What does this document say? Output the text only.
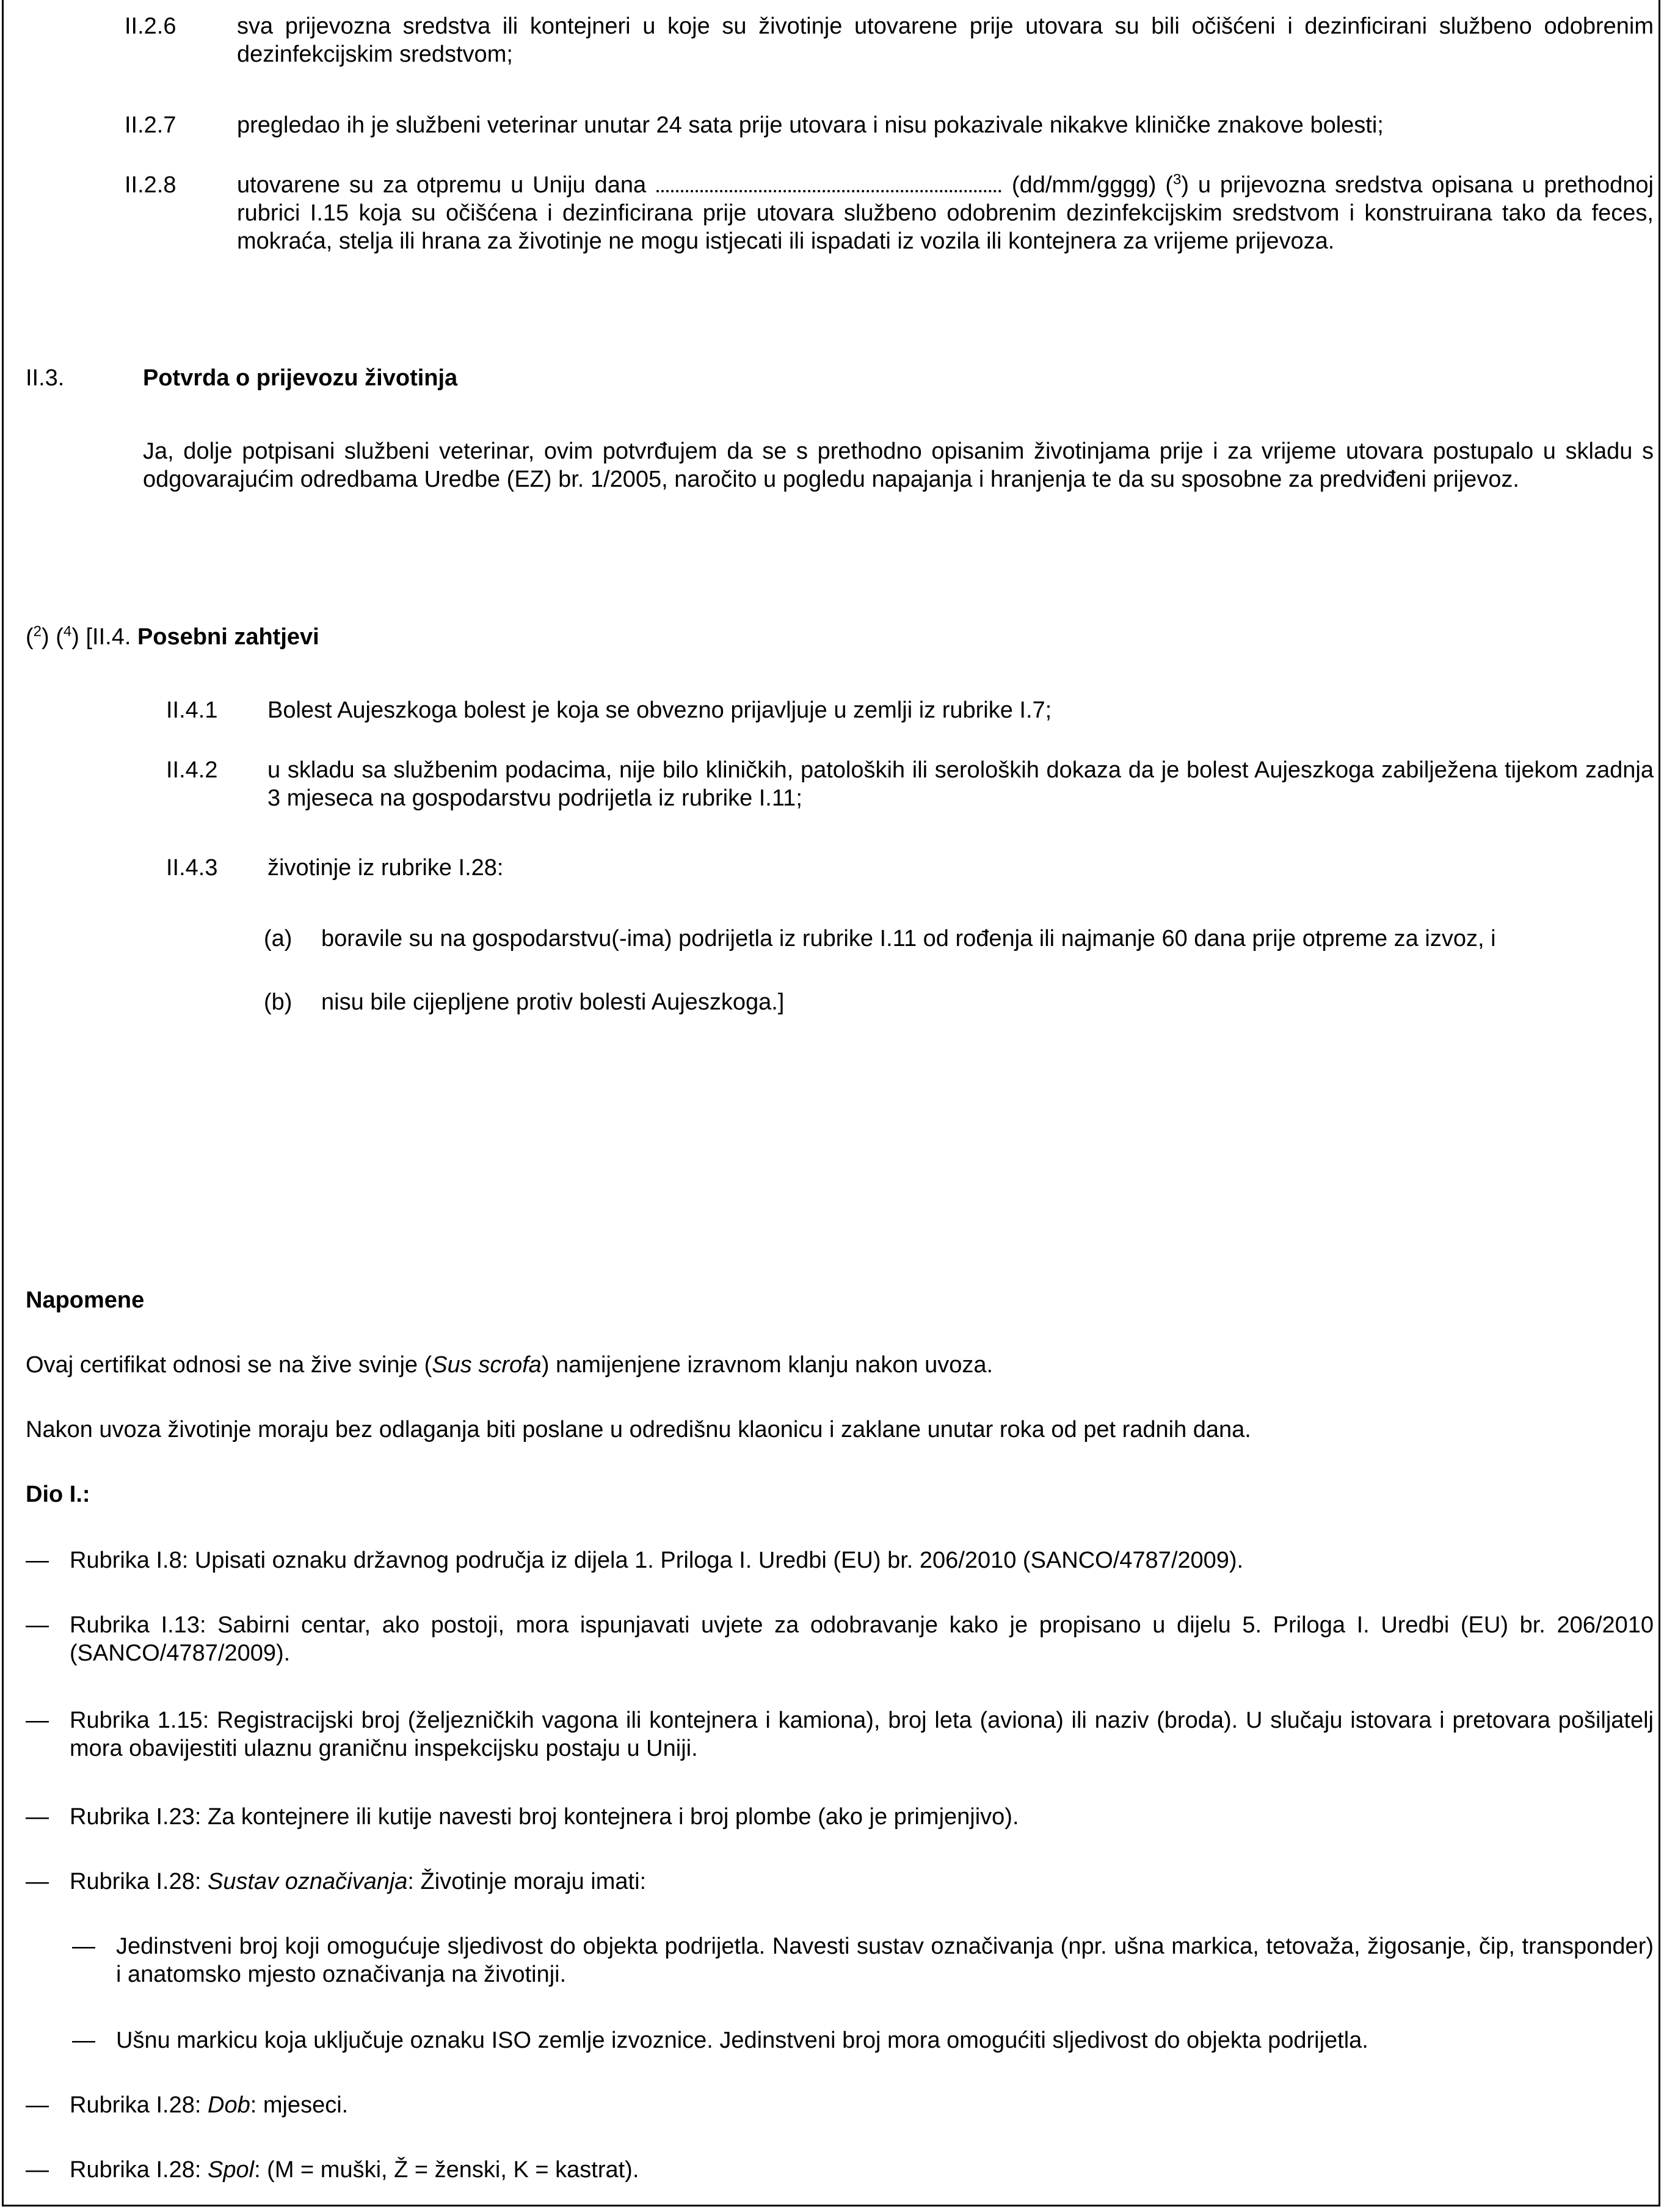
II.2.6	sva prijevozna sredstva ili kontejneri u koje su životinje utovarene prije utovara su bili očišćeni i dezinficirani službeno odobrenim dezinfekcijskim sredstvom;
II.2.7	pregledao ih je službeni veterinar unutar 24 sata prije utovara i nisu pokazivale nikakve kliničke znakove bolesti;
II.2.8	utovarene su za otpremu u Uniju dana	(dd/mm/gggg) ($^3$) u prijevozna sredstva opisana u prethodnoj rubrici I.15 koja su očišćena i dezinficirana prije utovara službeno odobrenim dezinfekcijskim sredstvom i konstruirana tako da feces, mokraća, stelja ili hrana za životinje ne mogu istjecati ili ispadati iz vozila ili kontejnera za vrijeme prijevoza.
II.3.	Potvrda o prijevozu životinja
Ja, dolje potpisani službeni veterinar, ovim potvrđujem da se s prethodno opisanim životinjama prije i za vrijeme utovara postupalo u skladu s odgovarajućim odredbama Uredbe (EZ) br. 1/2005, naročito u pogledu napajanja i hranjenja te da su sposobne za predviđeni prijevoz.
($^2$) ($^4$) [II.4. Posebni zahtjevi
II.4.1 Bolest Aujeszkoga bolest je koja se obvezno prijavljuje u zemlji iz rubrike I.7;
II.4.2 u skladu sa službenim podacima, nije bilo kliničkih, patoloških ili seroloških dokaza da je bolest Aujeszkoga zabilježena tijekom zadnja 3 mjeseca na gospodarstvu podrijetla iz rubrike I.11;
II.4.3 životinje iz rubrike I.28:
(a) boravile su na gospodarstvu(-ima) podrijetla iz rubrike I.11 od rođenja ili najmanje 60 dana prije otpreme za izvoz, i
(b) nisu bile cijepljene protiv bolesti Aujeszkoga.]
Napomene
Ovaj certifikat odnosi se na žive svinje (Sus scrofa) namijenjene izravnom klanju nakon uvoza.
Nakon uvoza životinje moraju bez odlaganja biti poslane u odredišnu klaonicu i zaklane unutar roka od pet radnih dana.
Dio I.:
— Rubrika I.8: Upisati oznaku državnog područja iz dijela 1. Priloga I. Uredbi (EU) br. 206/2010 (SANCO/4787/2009).
— Rubrika I.13: Sabirni centar, ako postoji, mora ispunjavati uvjete za odobravanje kako je propisano u dijelu 5. Priloga I. Uredbi (EU) br. 206/2010 (SANCO/4787/2009).
— Rubrika 1.15: Registracijski broj (željezničkih vagona ili kontejnera i kamiona), broj leta (aviona) ili naziv (broda). U slučaju istovara i pretovara pošiljatelj mora obavijestiti ulaznu graničnu inspekcijsku postaju u Uniji.
— Rubrika I.23: Za kontejnere ili kutije navesti broj kontejnera i broj plombe (ako je primjenjivo).
— Rubrika I.28: Sustav označivanja: Životinje moraju imati:
— Jedinstveni broj koji omogućuje sljedivost do objekta podrijetla. Navesti sustav označivanja (npr. ušna markica, tetovaža, žigosanje, čip, transponder) i anatomsko mjesto označivanja na životinji.
— Ušnu markicu koja uključuje oznaku ISO zemlje izvoznice. Jedinstveni broj mora omogućiti sljedivost do objekta podrijetla.
— Rubrika I.28: Dob: mjeseci.
— Rubrika I.28: Spol: (M = muški, Ž = ženski, K = kastrat).
